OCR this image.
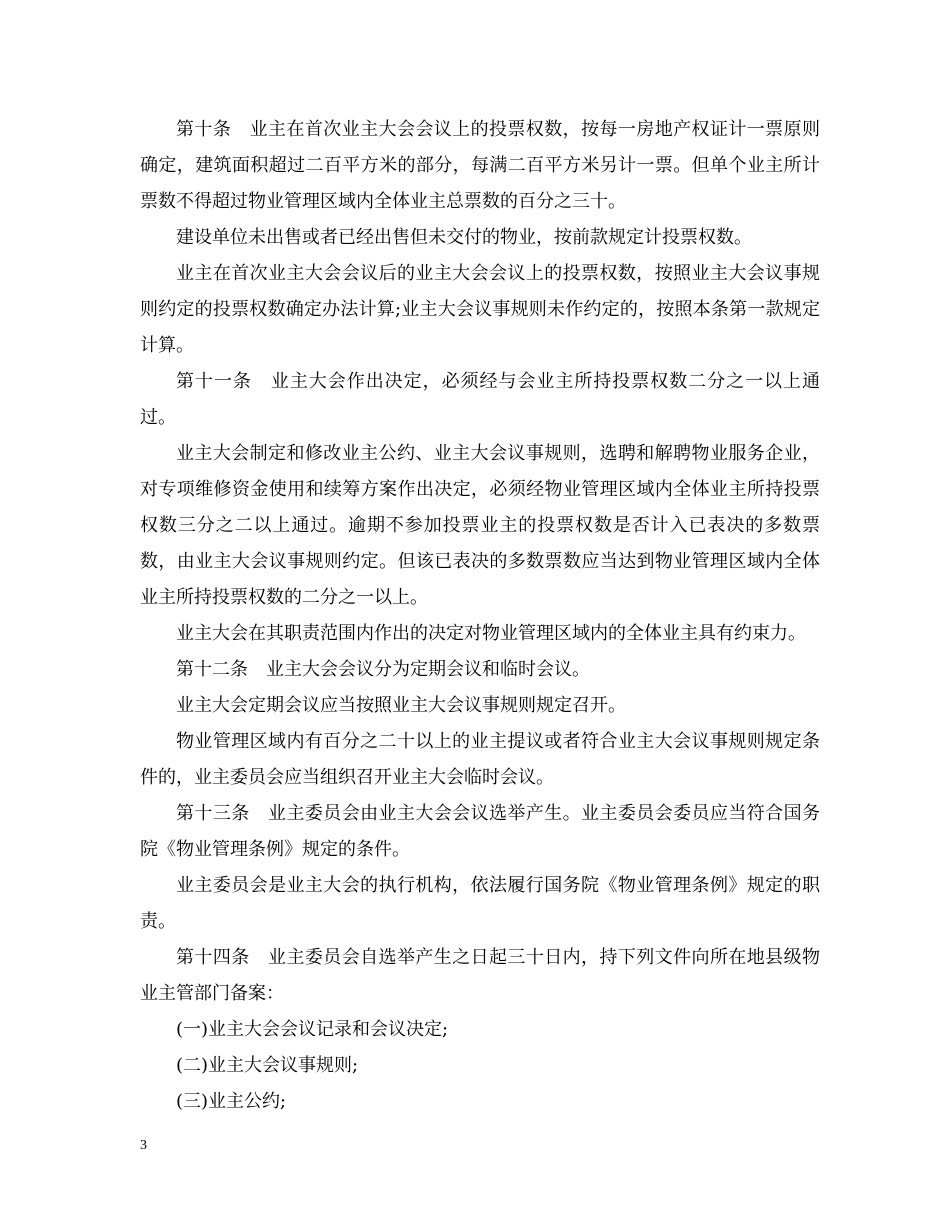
第十条　业主在首次业主大会会议上的投票权数，按每一房地产权证计一票原则确定，建筑面积超过二百平方米的部分，每满二百平方米另计一票。但单个业主所计票数不得超过物业管理区域内全体业主总票数的百分之三十。

建设单位未出售或者已经出售但未交付的物业，按前款规定计投票权数。

业主在首次业主大会会议后的业主大会会议上的投票权数，按照业主大会议事规则约定的投票权数确定办法计算;业主大会议事规则未作约定的，按照本条第一款规定计算。

第十一条　业主大会作出决定，必须经与会业主所持投票权数二分之一以上通过。

业主大会制定和修改业主公约、业主大会议事规则，选聘和解聘物业服务企业，对专项维修资金使用和续筹方案作出决定，必须经物业管理区域内全体业主所持投票权数三分之二以上通过。逾期不参加投票业主的投票权数是否计入已表决的多数票数，由业主大会议事规则约定。但该已表决的多数票数应当达到物业管理区域内全体业主所持投票权数的二分之一以上。

业主大会在其职责范围内作出的决定对物业管理区域内的全体业主具有约束力。

第十二条　业主大会会议分为定期会议和临时会议。

业主大会定期会议应当按照业主大会议事规则规定召开。

物业管理区域内有百分之二十以上的业主提议或者符合业主大会议事规则规定条件的，业主委员会应当组织召开业主大会临时会议。

第十三条　业主委员会由业主大会会议选举产生。业主委员会委员应当符合国务院《物业管理条例》规定的条件。

业主委员会是业主大会的执行机构，依法履行国务院《物业管理条例》规定的职责。

第十四条　业主委员会自选举产生之日起三十日内，持下列文件向所在地县级物业主管部门备案：

(一)业主大会会议记录和会议决定;

(二)业主大会议事规则;

(三)业主公约;

3
